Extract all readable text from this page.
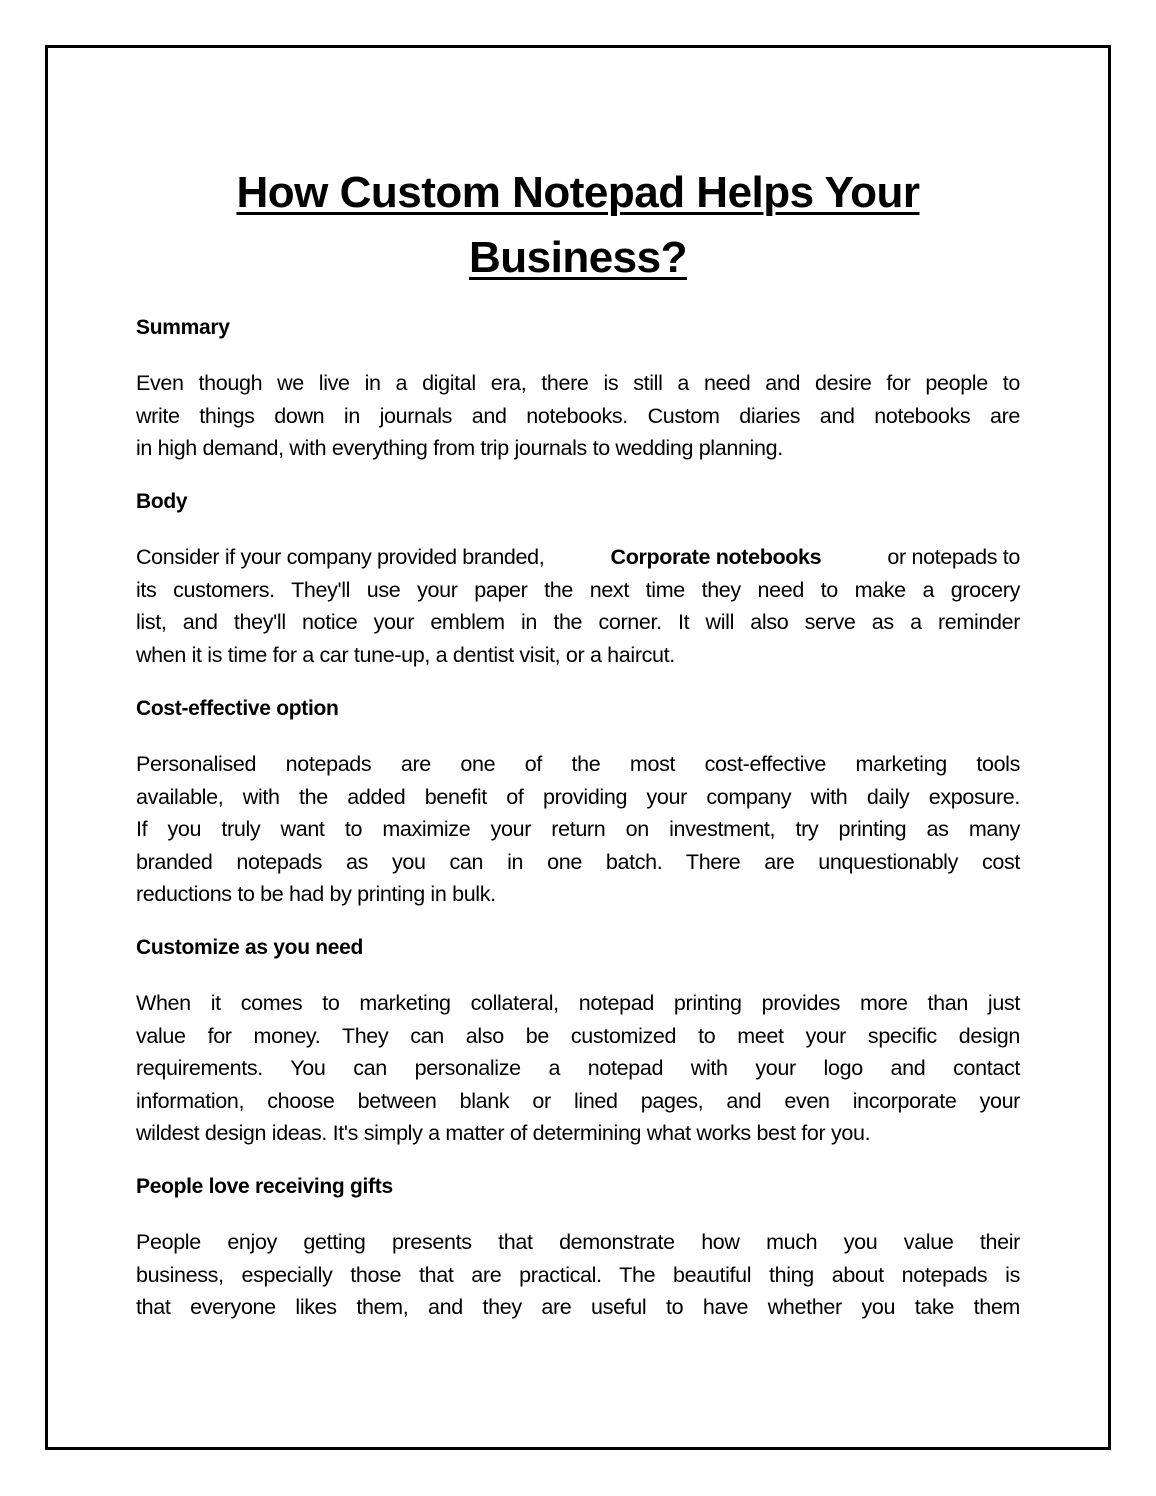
How Custom Notepad Helps Your
Business?
Summary
Even though we live in a digital era, there is still a need and desire for people to
write things down in journals and notebooks. Custom diaries and notebooks are
in high demand, with everything from trip journals to wedding planning.
Body
Consider if your company provided branded,	Corporate notebooks	or notepads to
its customers. They'll use your paper the next time they need to make a grocery
list, and they'll notice your emblem in the corner. It will also serve as a reminder
when it is time for a car tune-up, a dentist visit, or a haircut.
Cost-effective option
Personalised notepads are one of the most cost-effective marketing tools
available, with the added benefit of providing your company with daily exposure.
If you truly want to maximize your return on investment, try printing as many
branded notepads as you can in one batch. There are unquestionably cost
reductions to be had by printing in bulk.
Customize as you need
When it comes to marketing collateral, notepad printing provides more than just
value for money. They can also be customized to meet your specific design
requirements. You can personalize a notepad with your logo and contact
information, choose between blank or lined pages, and even incorporate your
wildest design ideas. It's simply a matter of determining what works best for you.
People love receiving gifts
People enjoy getting presents that demonstrate how much you value their
business, especially those that are practical. The beautiful thing about notepads is
that everyone likes them, and they are useful to have whether you take them
